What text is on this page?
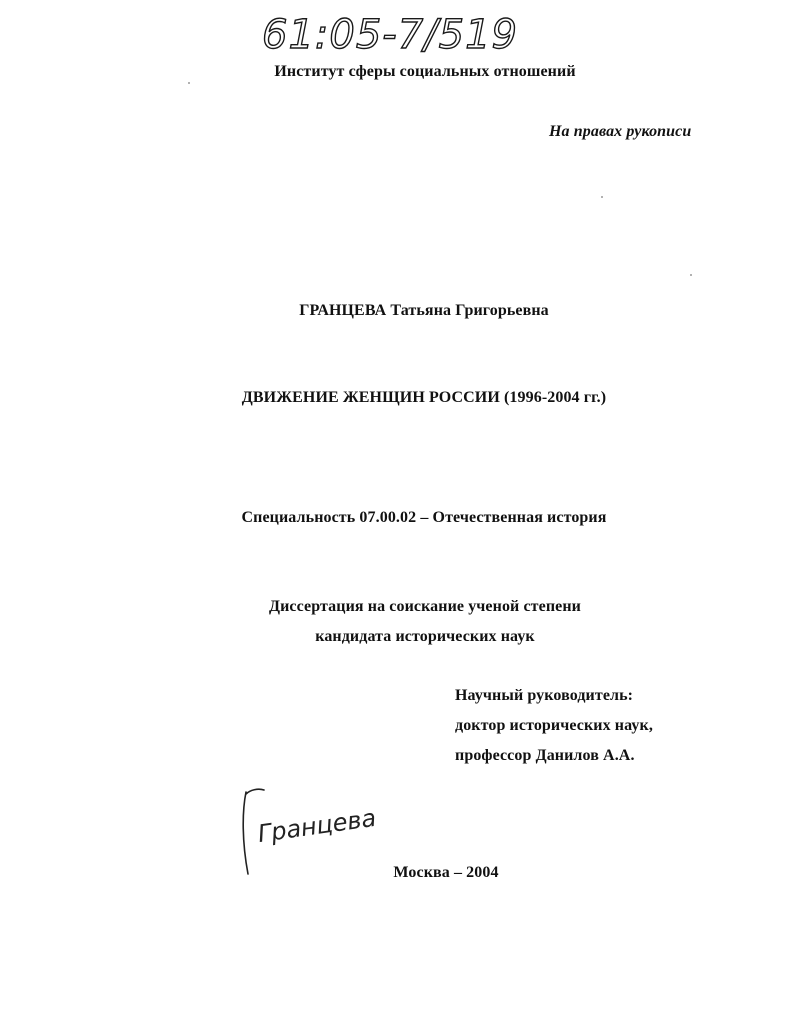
61:05-7/519
Институт сферы социальных отношений
На правах рукописи
ГРАНЦЕВА Татьяна Григорьевна
ДВИЖЕНИЕ ЖЕНЩИН РОССИИ (1996-2004 гг.)
Специальность 07.00.02 – Отечественная история
Диссертация на соискание ученой степени
кандидата исторических наук
Научный руководитель:
доктор исторических наук,
профессор Данилов А.А.
Гранцева
Москва – 2004
